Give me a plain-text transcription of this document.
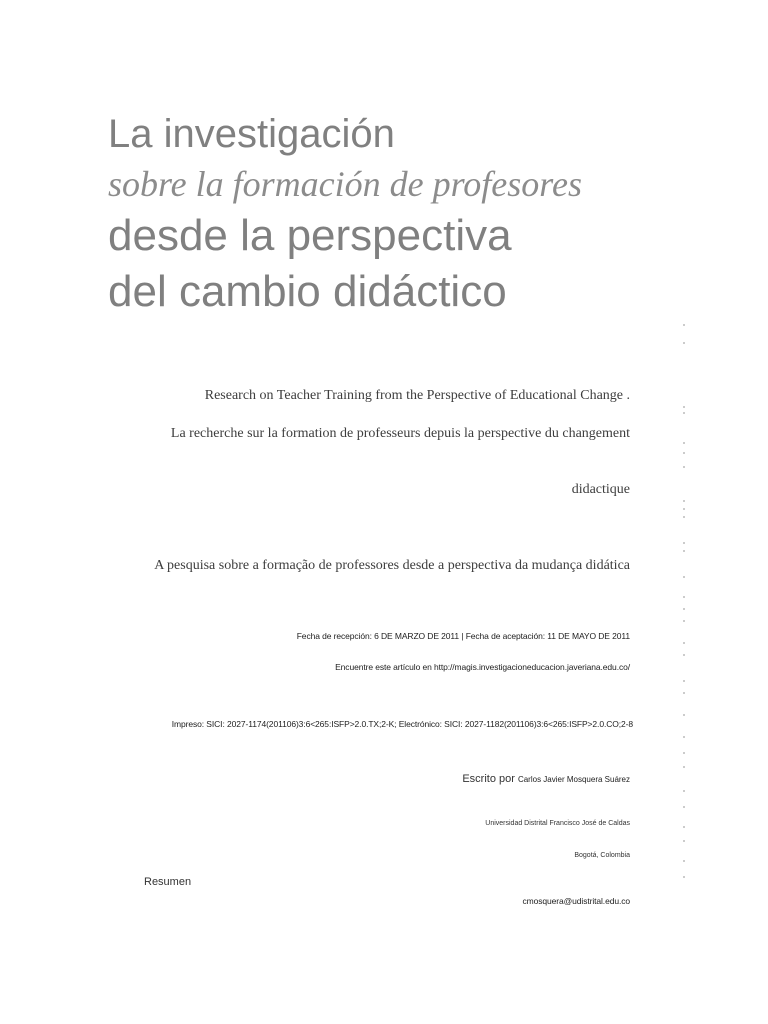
La investigación
sobre la formación de profesores
desde la perspectiva
del cambio didáctico
Research on Teacher Training from the Perspective of Educational Change .
La recherche sur la formation de professeurs depuis la perspective du changement
didactique
A pesquisa sobre a formação de professores desde a perspectiva da mudança didática
Fecha de recepción: 6 DE MARZO DE 2011 | Fecha de aceptación: 11 DE MAYO DE 2011
Encuentre este artículo en http://magis.investigacioneducacion.javeriana.edu.co/
Impreso: SICI: 2027-1174(201106)3:6<265:ISFP>2.0.TX;2-K; Electrónico: SICI: 2027-1182(201106)3:6<265:ISFP>2.0.CO;2-8
Escrito por Carlos Javier Mosquera Suárez
Universidad Distrital Francisco José de Caldas
Bogotá, Colombia
cmosquera@udistrital.edu.co
Resumen
